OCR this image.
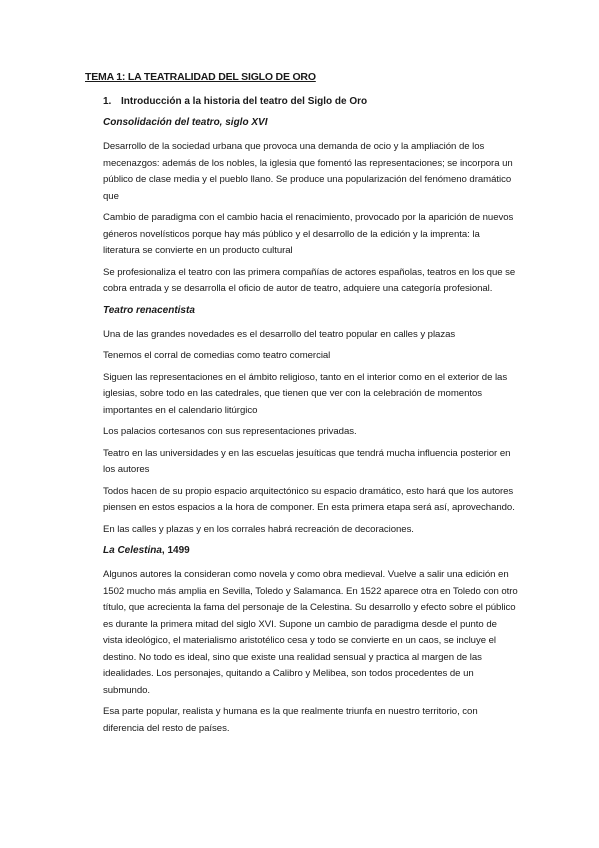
TEMA 1: LA TEATRALIDAD DEL SIGLO DE ORO
1. Introducción a la historia del teatro del Siglo de Oro
Consolidación del teatro, siglo XVI

Desarrollo de la sociedad urbana que provoca una demanda de ocio y la ampliación de los mecenazgos: además de los nobles, la iglesia que fomentó las representaciones; se incorpora un público de clase media y el pueblo llano. Se produce una popularización del fenómeno dramático que

Cambio de paradigma con el cambio hacia el renacimiento, provocado por la aparición de nuevos géneros novelísticos porque hay más público y el desarrollo de la edición y la imprenta: la literatura se convierte en un producto cultural

Se profesionaliza el teatro con las primera compañías de actores españolas, teatros en los que se cobra entrada y se desarrolla el oficio de autor de teatro, adquiere una categoría profesional.

Teatro renacentista

Una de las grandes novedades es el desarrollo del teatro popular en calles y plazas

Tenemos el corral de comedias como teatro comercial

Siguen las representaciones en el ámbito religioso, tanto en el interior como en el exterior de las iglesias, sobre todo en las catedrales, que tienen que ver con la celebración de momentos importantes en el calendario litúrgico

Los palacios cortesanos con sus representaciones privadas.

Teatro en las universidades y en las escuelas jesuíticas que tendrá mucha influencia posterior en los autores

Todos hacen de su propio espacio arquitectónico su espacio dramático, esto hará que los autores piensen en estos espacios a la hora de componer. En esta primera etapa será así, aprovechando.

En las calles y plazas y en los corrales habrá recreación de decoraciones.

La Celestina, 1499

Algunos autores la consideran como novela y como obra medieval. Vuelve a salir una edición en 1502 mucho más amplia en Sevilla, Toledo y Salamanca. En 1522 aparece otra en Toledo con otro título, que acrecienta la fama del personaje de la Celestina. Su desarrollo y efecto sobre el público es durante la primera mitad del siglo XVI. Supone un cambio de paradigma desde el punto de vista ideológico, el materialismo aristotélico cesa y todo se convierte en un caos, se incluye el destino. No todo es ideal, sino que existe una realidad sensual y practica al margen de las idealidades. Los personajes, quitando a Calibro y Melibea, son todos procedentes de un submundo.

Esa parte popular, realista y humana es la que realmente triunfa en nuestro territorio, con diferencia del resto de países.
